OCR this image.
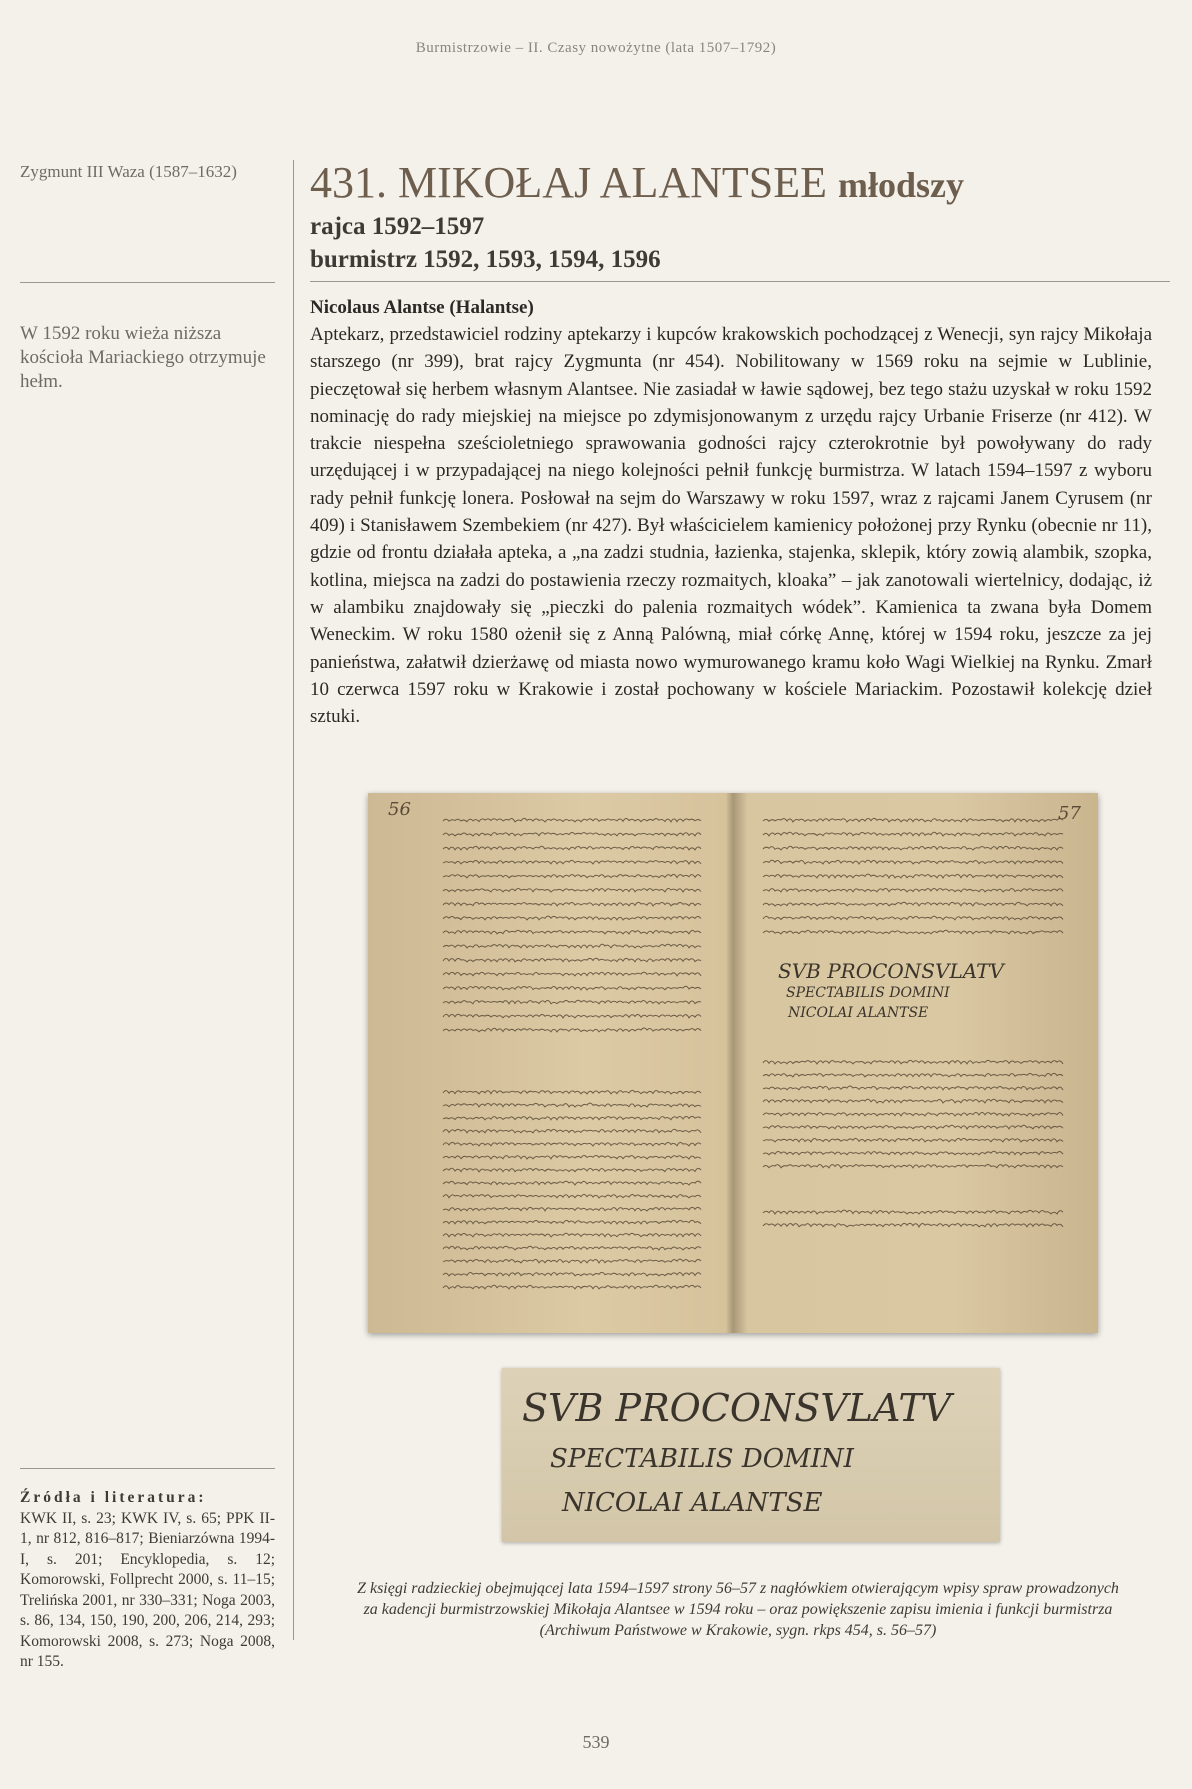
Burmistrzowie – II. Czasy nowożytne (lata 1507–1792)
Zygmunt III Waza (1587–1632)
W 1592 roku wieża niższa kościoła Mariackiego otrzymuje hełm.
431. MIKOŁAJ ALANTSEE młodszy
rajca 1592–1597
burmistrz 1592, 1593, 1594, 1596
Nicolaus Alantse (Halantse)

Aptekarz, przedstawiciel rodziny aptekarzy i kupców krakowskich pochodzącej z Wenecji, syn rajcy Mikołaja starszego (nr 399), brat rajcy Zygmunta (nr 454). Nobilitowany w 1569 roku na sejmie w Lublinie, pieczętował się herbem własnym Alantsee. Nie zasiadał w ławie sądowej, bez tego stażu uzyskał w roku 1592 nominację do rady miejskiej na miejsce po zdymisjonowanym z urzędu rajcy Urbanie Friserze (nr 412). W trakcie niespełna sześcioletniego sprawowania godności rajcy czterokrotnie był powoływany do rady urzędującej i w przypadającej na niego kolejności pełnił funkcję burmistrza. W latach 1594–1597 z wyboru rady pełnił funkcję lonera. Posłował na sejm do Warszawy w roku 1597, wraz z rajcami Janem Cyrusem (nr 409) i Stanisławem Szembekiem (nr 427). Był właścicielem kamienicy położonej przy Rynku (obecnie nr 11), gdzie od frontu działała apteka, a „na zadzi studnia, łazienka, stajenka, sklepik, który zowią alambik, szopka, kotlina, miejsca na zadzi do postawienia rzeczy rozmaitych, kloaka” – jak zanotowali wiertelnicy, dodając, iż w alambiku znajdowały się „pieczki do palenia rozmaitych wódek”. Kamienica ta zwana była Domem Weneckim. W roku 1580 ożenił się z Anną Palówną, miał córkę Annę, której w 1594 roku, jeszcze za jej panieństwa, załatwił dzierżawę od miasta nowo wymurowanego kramu koło Wagi Wielkiej na Rynku. Zmarł 10 czerwca 1597 roku w Krakowie i został pochowany w kościele Mariackim. Pozostawił kolekcję dzieł sztuki.

56	57
SVB PROCONSVLATV
SPECTABILIS DOMINI
NICOLAI ALANTSE
SVB PROCONSVLATV
SPECTABILIS DOMINI
NICOLAI ALANTSE
Z księgi radzieckiej obejmującej lata 1594–1597 strony 56–57 z nagłówkiem otwierającym wpisy spraw prowadzonych
za kadencji burmistrzowskiej Mikołaja Alantsee w 1594 roku – oraz powiększenie zapisu imienia i funkcji burmistrza
(Archiwum Państwowe w Krakowie, sygn. rkps 454, s. 56–57)
Źródła i literatura:
KWK II, s. 23; KWK IV, s. 65; PPK II-1, nr 812, 816–817; Bieniarzówna 1994-I, s. 201; Encyklopedia, s. 12; Komorowski, Follprecht 2000, s. 11–15; Trelińska 2001, nr 330–331; Noga 2003, s. 86, 134, 150, 190, 200, 206, 214, 293; Komorowski 2008, s. 273; Noga 2008, nr 155.
539
